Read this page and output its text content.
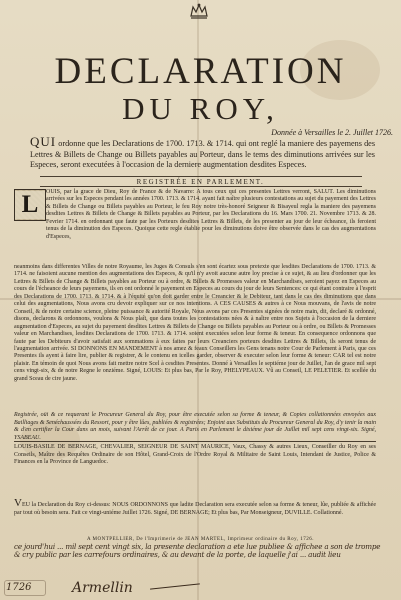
DECLARATION
DU ROY,
Donnée à Versailles le 2. Juillet 1726.
QUI ordonne que les Declarations de 1700. 1713. & 1714. qui ont reglé la maniere des payemens des Lettres & Billets de Change ou Billets payables au Porteur, dans le tems des diminutions arrivées sur les Especes, seront executées à l'occasion de la derniere augmentation desdites Especes.
REGISTRÉE EN PARLEMENT.
L	OUIS, par la grace de Dieu, Roy de France & de Navarre: A tous ceux qui ces presentes Lettres verront, SALUT. Les diminutions arrivées sur les Especes pendant les années 1700. 1713. & 1714. ayant fait naître plusieurs contestations au sujet du payement des Lettres & Billets de Change ou Billets payables au Porteur, le feu Roy notre très-honoré Seigneur & Bisayeul regla la maniere des payemens desdites Lettres & Billets de Change & Billets payables au Porteur, par les Declarations du 16. Mars 1700. 21. Novembre 1713. & 28. Fevrier 1714. en ordonnant que faute par les Porteurs desdites Lettres & Billets, de les presenter au jour de leur écheance, ils feroient tenus de la diminution des Especes. Quoique cette regle établie pour les diminutions doive être observée dans le cas des augmentations d'Especes,
neanmoins dans differentes Villes de notre Royaume, les Juges & Consuls s'en sont écartez sous pretexte que lesdites Declarations de 1700. 1713. & 1714. ne faisoient aucune mention des augmentations des Especes, & qu'il n'y avoit aucune autre loy precise à ce sujet, & au lieu d'ordonner que les Lettres & Billets de Change & Billets payables au Porteur ou à ordre, & Billets & Promesses valeur en Marchandises, seroient payez en Especes au cours de l'écheance de leurs payemens, ils en ont ordonné le payement en Especes au cours du jour de leurs Sentences: ce qui étant contraire à l'esprit des Declarations de 1700. 1713. & 1714. & à l'équité qu'on doit garder entre le Creancier & le Debiteur, tant dans le cas des diminutions que dans celui des augmentations, Nous avons cru devoir expliquer sur ce nos intentions. A CES CAUSES & autres à ce Nous mouvans, de l'avis de notre Conseil, & de notre certaine science, pleine puissance & autorité Royale, Nous avons par ces Presentes signées de notre main, dit, declaré & ordonné, disons, declarons & ordonnons, voulons & Nous plaît, que dans toutes les contestations nées & à naître entre nos Sujets à l'occasion de la derniere augmentation d'Especes, au sujet du payement desdites Lettres & Billets de Change ou Billets payables au Porteur ou à ordre, ou Billets & Promesses valeur en Marchandises, lesdites Declarations de 1700. 1713. & 1714. soient executées selon leur forme & teneur. En consequence ordonnons que faute par les Debiteurs d'avoir satisfait aux sommations à eux faites par leurs Creanciers porteurs desdites Lettres & Billets, ils seront tenus de l'augmentation arrivée. SI DONNONS EN MANDEMENT à nos amez & feaux Conseillers les Gens tenans notre Cour de Parlement à Paris, que ces Presentes ils ayent à faire lire, publier & registrer, & le contenu en icelles garder, observer & executer selon leur forme & teneur: CAR tel est notre plaisir. En témoin de quoi Nous avons fait mettre notre Scel à cesdites Presentes. Donné à Versailles le septiéme jour de Juillet, l'an de grace mil sept cens vingt-six, & de notre Regne le onziéme. Signé, LOUIS: Et plus bas, Par le Roy, PHELYPEAUX. Vû au Conseil, LE PELETIER. Et scellée du grand Sceau de cire jaune.
Registrée, oüi & ce requerant le Procureur General du Roy, pour être executée selon sa forme & teneur, & Copies collationnées envoyées aux Bailliages & Senéchaussées du Ressort, pour y être lûes, publiées & registrées; Enjoint aux Substituts du Procureur General du Roy, d'y tenir la main & d'en certifier la Cour dans un mois, suivant l'Arrêt de ce jour. A Paris en Parlement le dixiéme jour de Juillet mil sept cens vingt-six. Signé, YSABEAU.
LOUIS-BASILE DE BERNAGE, CHEVALIER, SEIGNEUR DE SAINT MAURICE, Vaux, Chassy & autres Lieux, Conseiller du Roy en ses Conseils, Maître des Requêtes Ordinaire de son Hôtel, Grand-Croix de l'Ordre Royal & Militaire de Saint Louis, Intendant de Justice, Police & Finances en la Province de Languedoc.
VEU la Declaration du Roy ci-dessus: NOUS ORDONNONS que ladite Declaration sera executée selon sa forme & teneur, lûe, publiée & affichée par tout où besoin sera. Fait ce vingt-uniéme Juillet 1726. Signé, DE BERNAGE; Et plus bas, Par Monseigneur, DUVILLE. Collationné.
A MONTPELLIER, De l'Imprimerie de JEAN MARTEL, Imprimeur ordinaire du Roy, 1726.
ce jourd'hui ... mil sept cent vingt six, la presente declaration a ete lue publiee & affichee a son de trompe & cry public par les carrefours ordinaires, & au devant de la porte, de laquelle j'ai ... audit lieu
1726	Armellin
